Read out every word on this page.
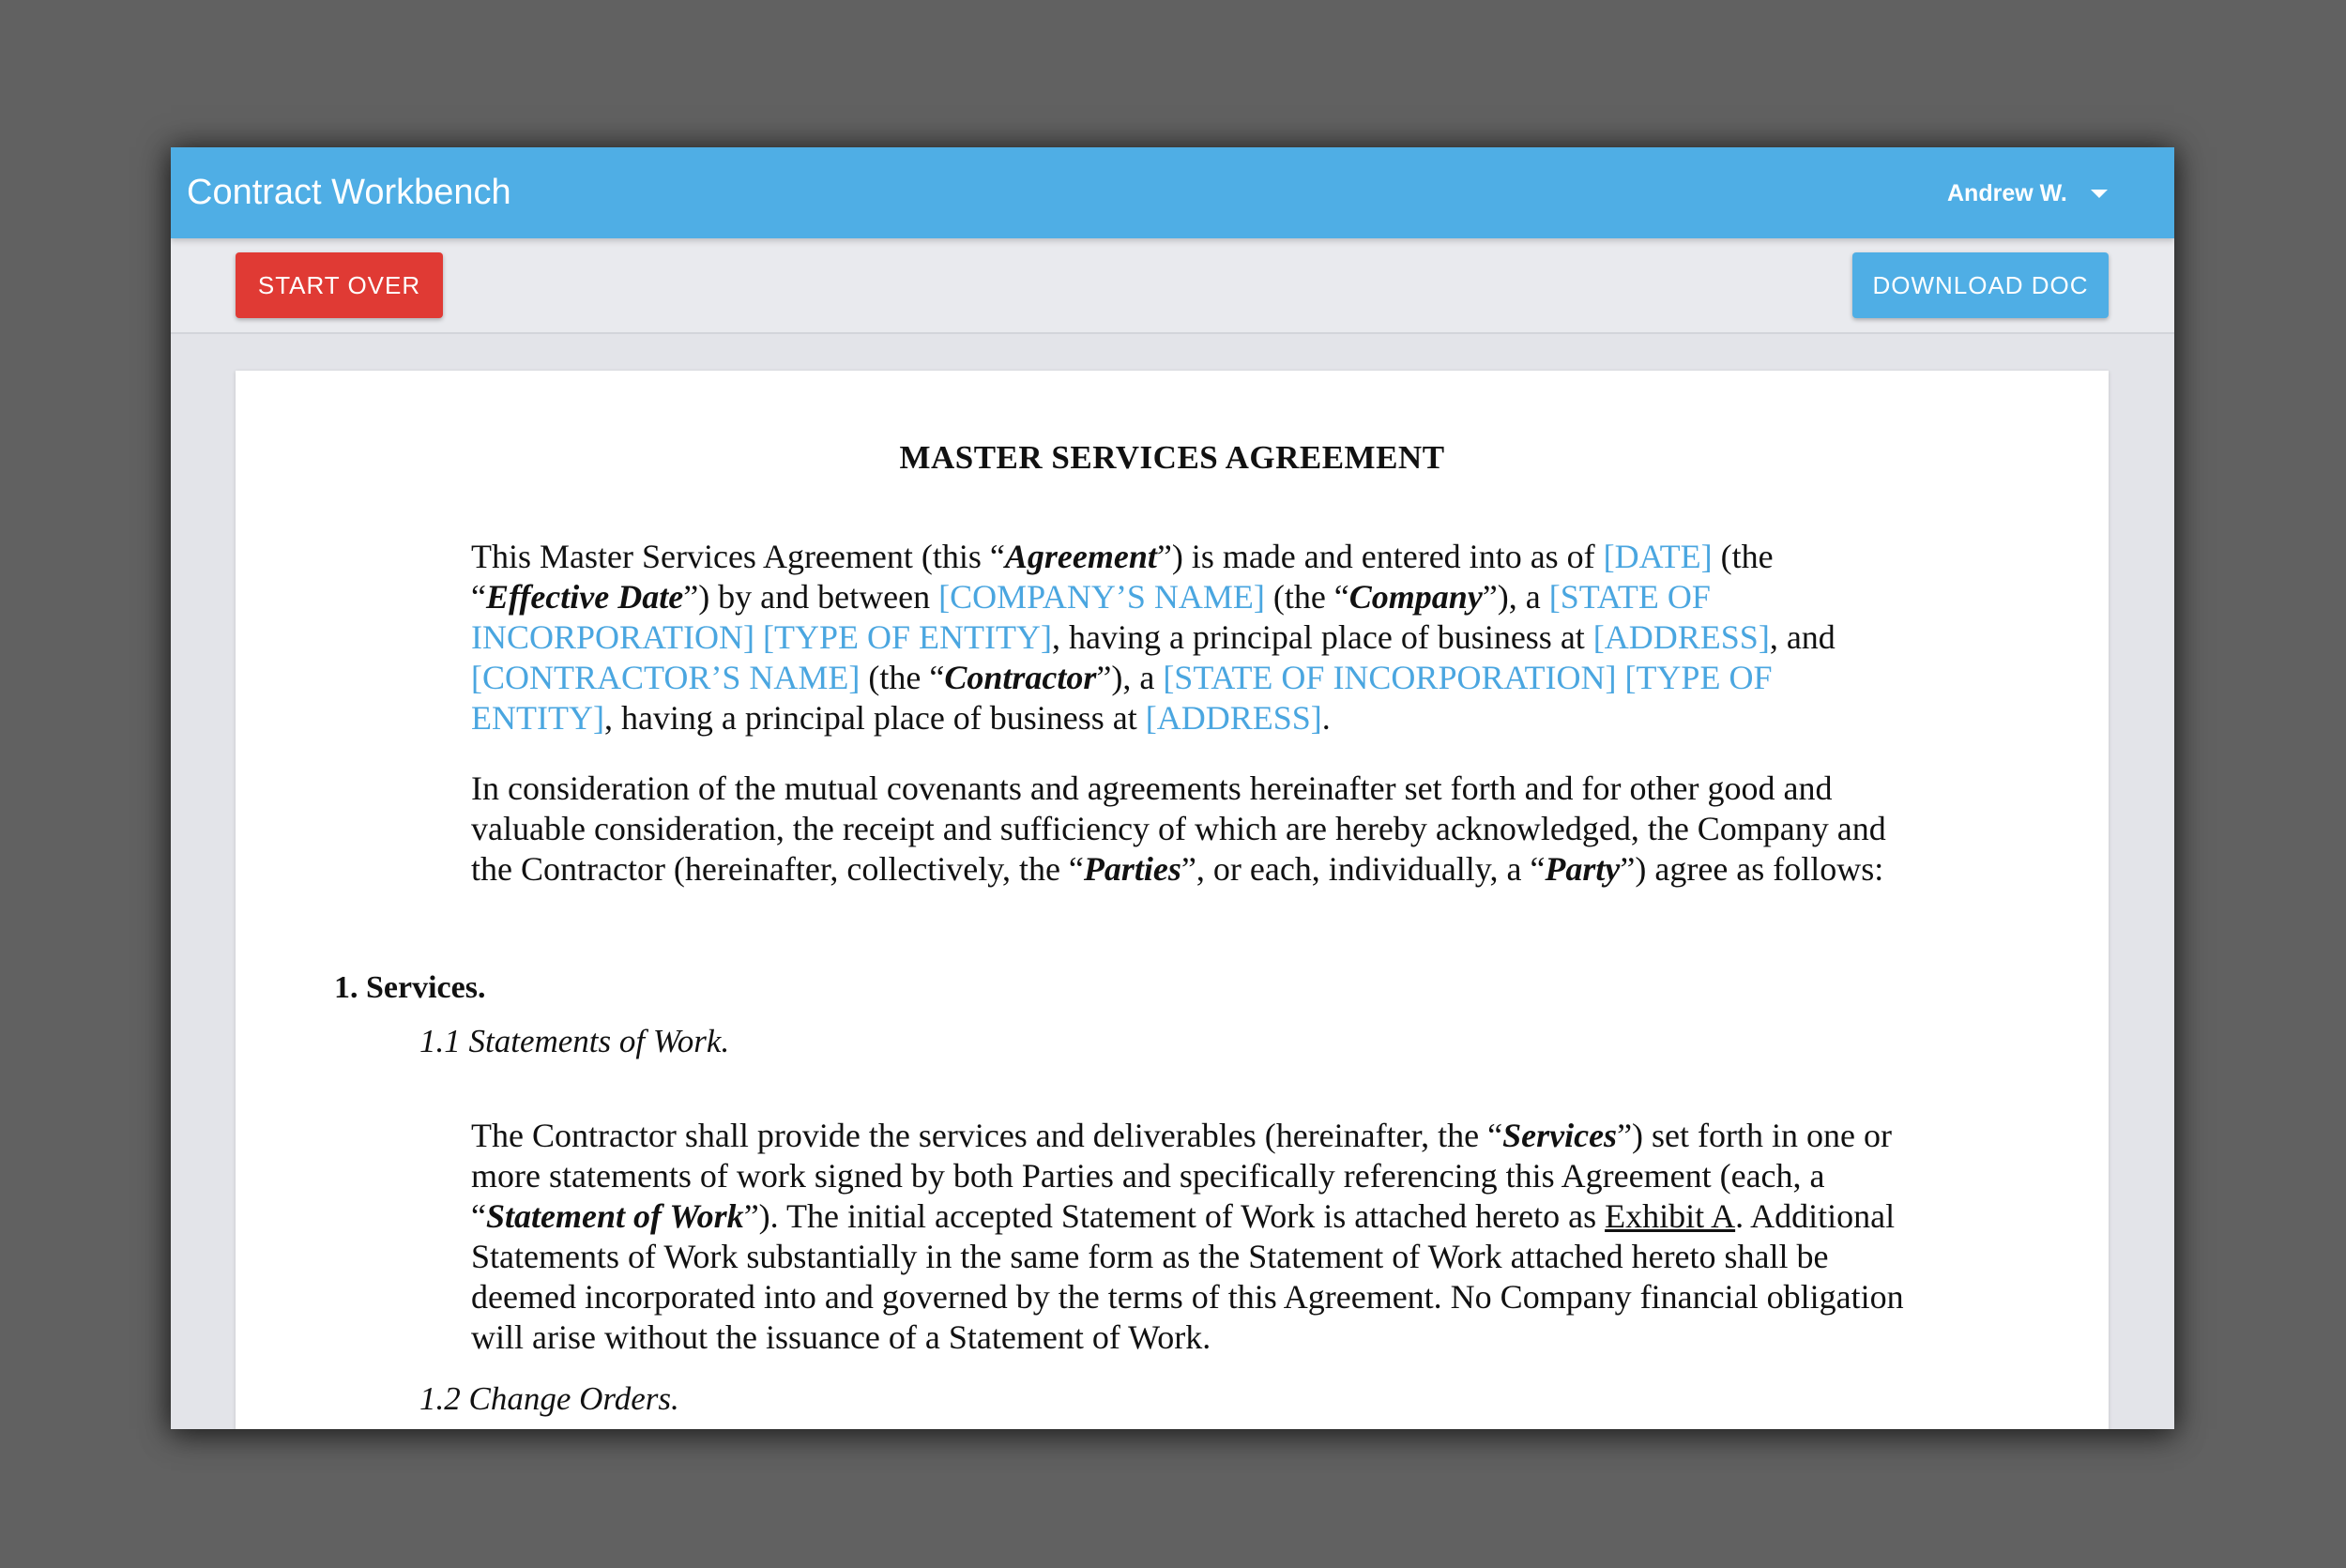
Contract Workbench	Andrew W.
START OVER	DOWNLOAD DOC
MASTER SERVICES AGREEMENT

This Master Services Agreement (this “Agreement”) is made and entered into as of [DATE] (the “Effective Date”) by and between [COMPANY’S NAME] (the “Company”), a [STATE OF INCORPORATION] [TYPE OF ENTITY], having a principal place of business at [ADDRESS], and [CONTRACTOR’S NAME] (the “Contractor”), a [STATE OF INCORPORATION] [TYPE OF ENTITY], having a principal place of business at [ADDRESS].

In consideration of the mutual covenants and agreements hereinafter set forth and for other good and valuable consideration, the receipt and sufficiency of which are hereby acknowledged, the Company and the Contractor (hereinafter, collectively, the “Parties”, or each, individually, a “Party”) agree as follows:

1. Services.
1.1 Statements of Work.

The Contractor shall provide the services and deliverables (hereinafter, the “Services”) set forth in one or more statements of work signed by both Parties and specifically referencing this Agreement (each, a “Statement of Work”). The initial accepted Statement of Work is attached hereto as Exhibit A. Additional Statements of Work substantially in the same form as the Statement of Work attached hereto shall be deemed incorporated into and governed by the terms of this Agreement. No Company financial obligation will arise without the issuance of a Statement of Work.

1.2 Change Orders.
